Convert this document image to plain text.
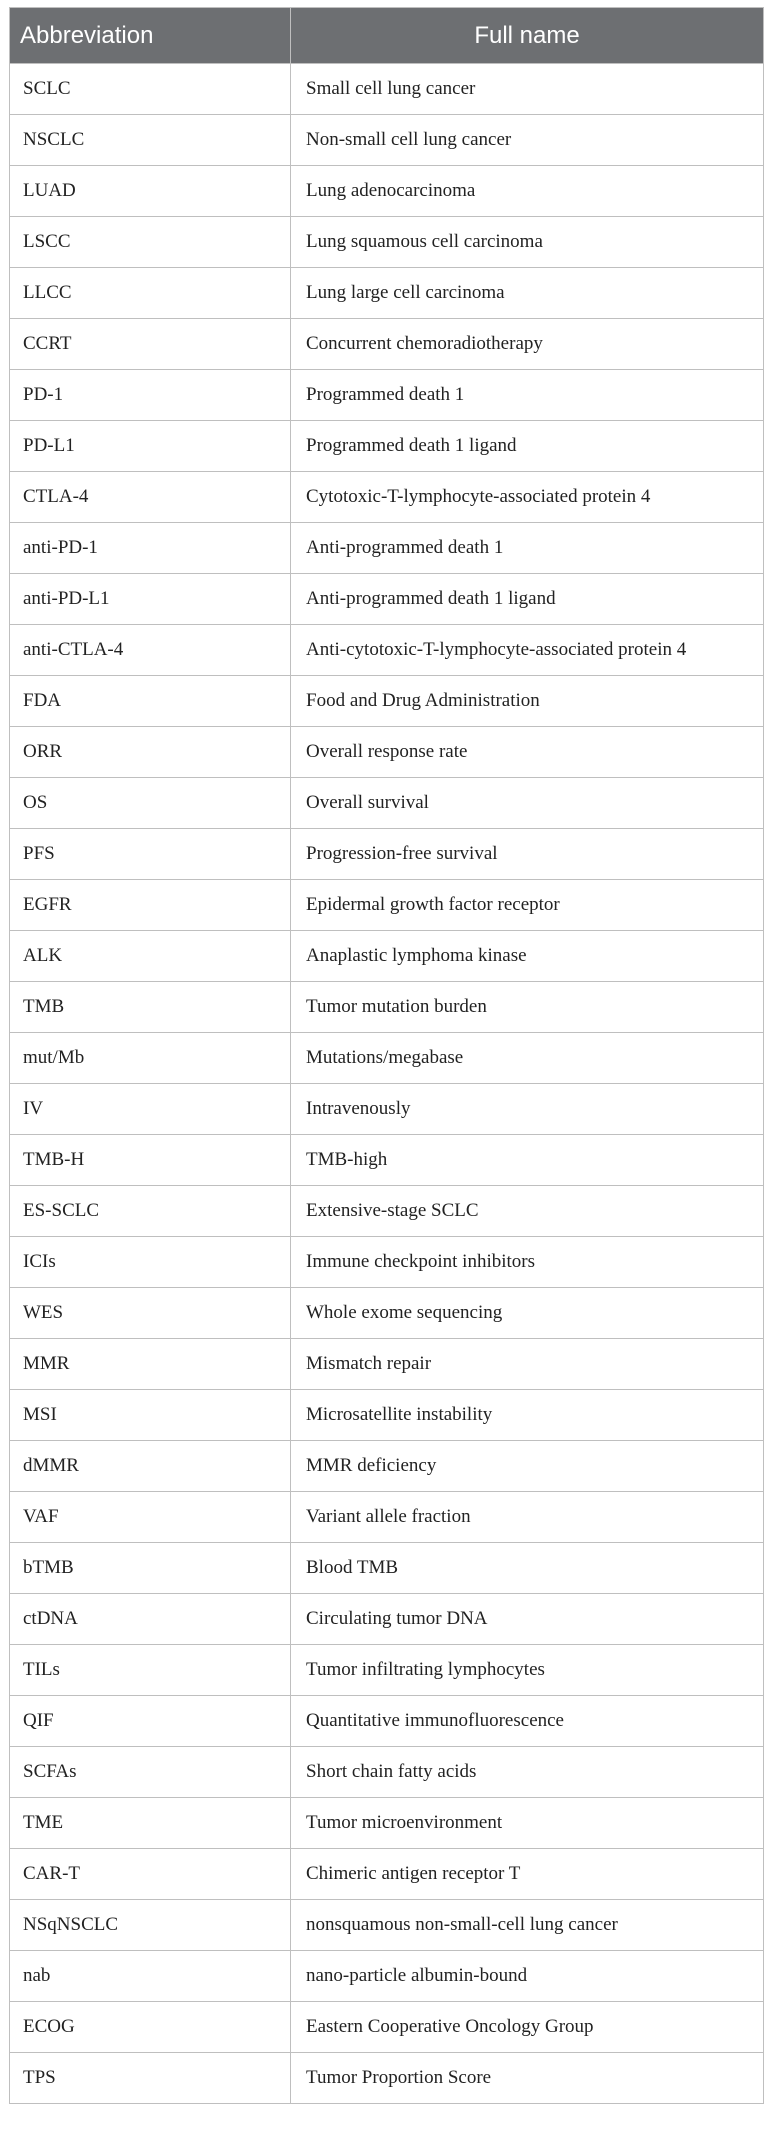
Abbreviation	Full name
SCLC	Small cell lung cancer
NSCLC	Non-small cell lung cancer
LUAD	Lung adenocarcinoma
LSCC	Lung squamous cell carcinoma
LLCC	Lung large cell carcinoma
CCRT	Concurrent chemoradiotherapy
PD-1	Programmed death 1
PD-L1	Programmed death 1 ligand
CTLA-4	Cytotoxic-T-lymphocyte-associated protein 4
anti-PD-1	Anti-programmed death 1
anti-PD-L1	Anti-programmed death 1 ligand
anti-CTLA-4	Anti-cytotoxic-T-lymphocyte-associated protein 4
FDA	Food and Drug Administration
ORR	Overall response rate
OS	Overall survival
PFS	Progression-free survival
EGFR	Epidermal growth factor receptor
ALK	Anaplastic lymphoma kinase
TMB	Tumor mutation burden
mut/Mb	Mutations/megabase
IV	Intravenously
TMB-H	TMB-high
ES-SCLC	Extensive-stage SCLC
ICIs	Immune checkpoint inhibitors
WES	Whole exome sequencing
MMR	Mismatch repair
MSI	Microsatellite instability
dMMR	MMR deficiency
VAF	Variant allele fraction
bTMB	Blood TMB
ctDNA	Circulating tumor DNA
TILs	Tumor infiltrating lymphocytes
QIF	Quantitative immunofluorescence
SCFAs	Short chain fatty acids
TME	Tumor microenvironment
CAR-T	Chimeric antigen receptor T
NSqNSCLC	nonsquamous non-small-cell lung cancer
nab	nano-particle albumin-bound
ECOG	Eastern Cooperative Oncology Group
TPS	Tumor Proportion Score
